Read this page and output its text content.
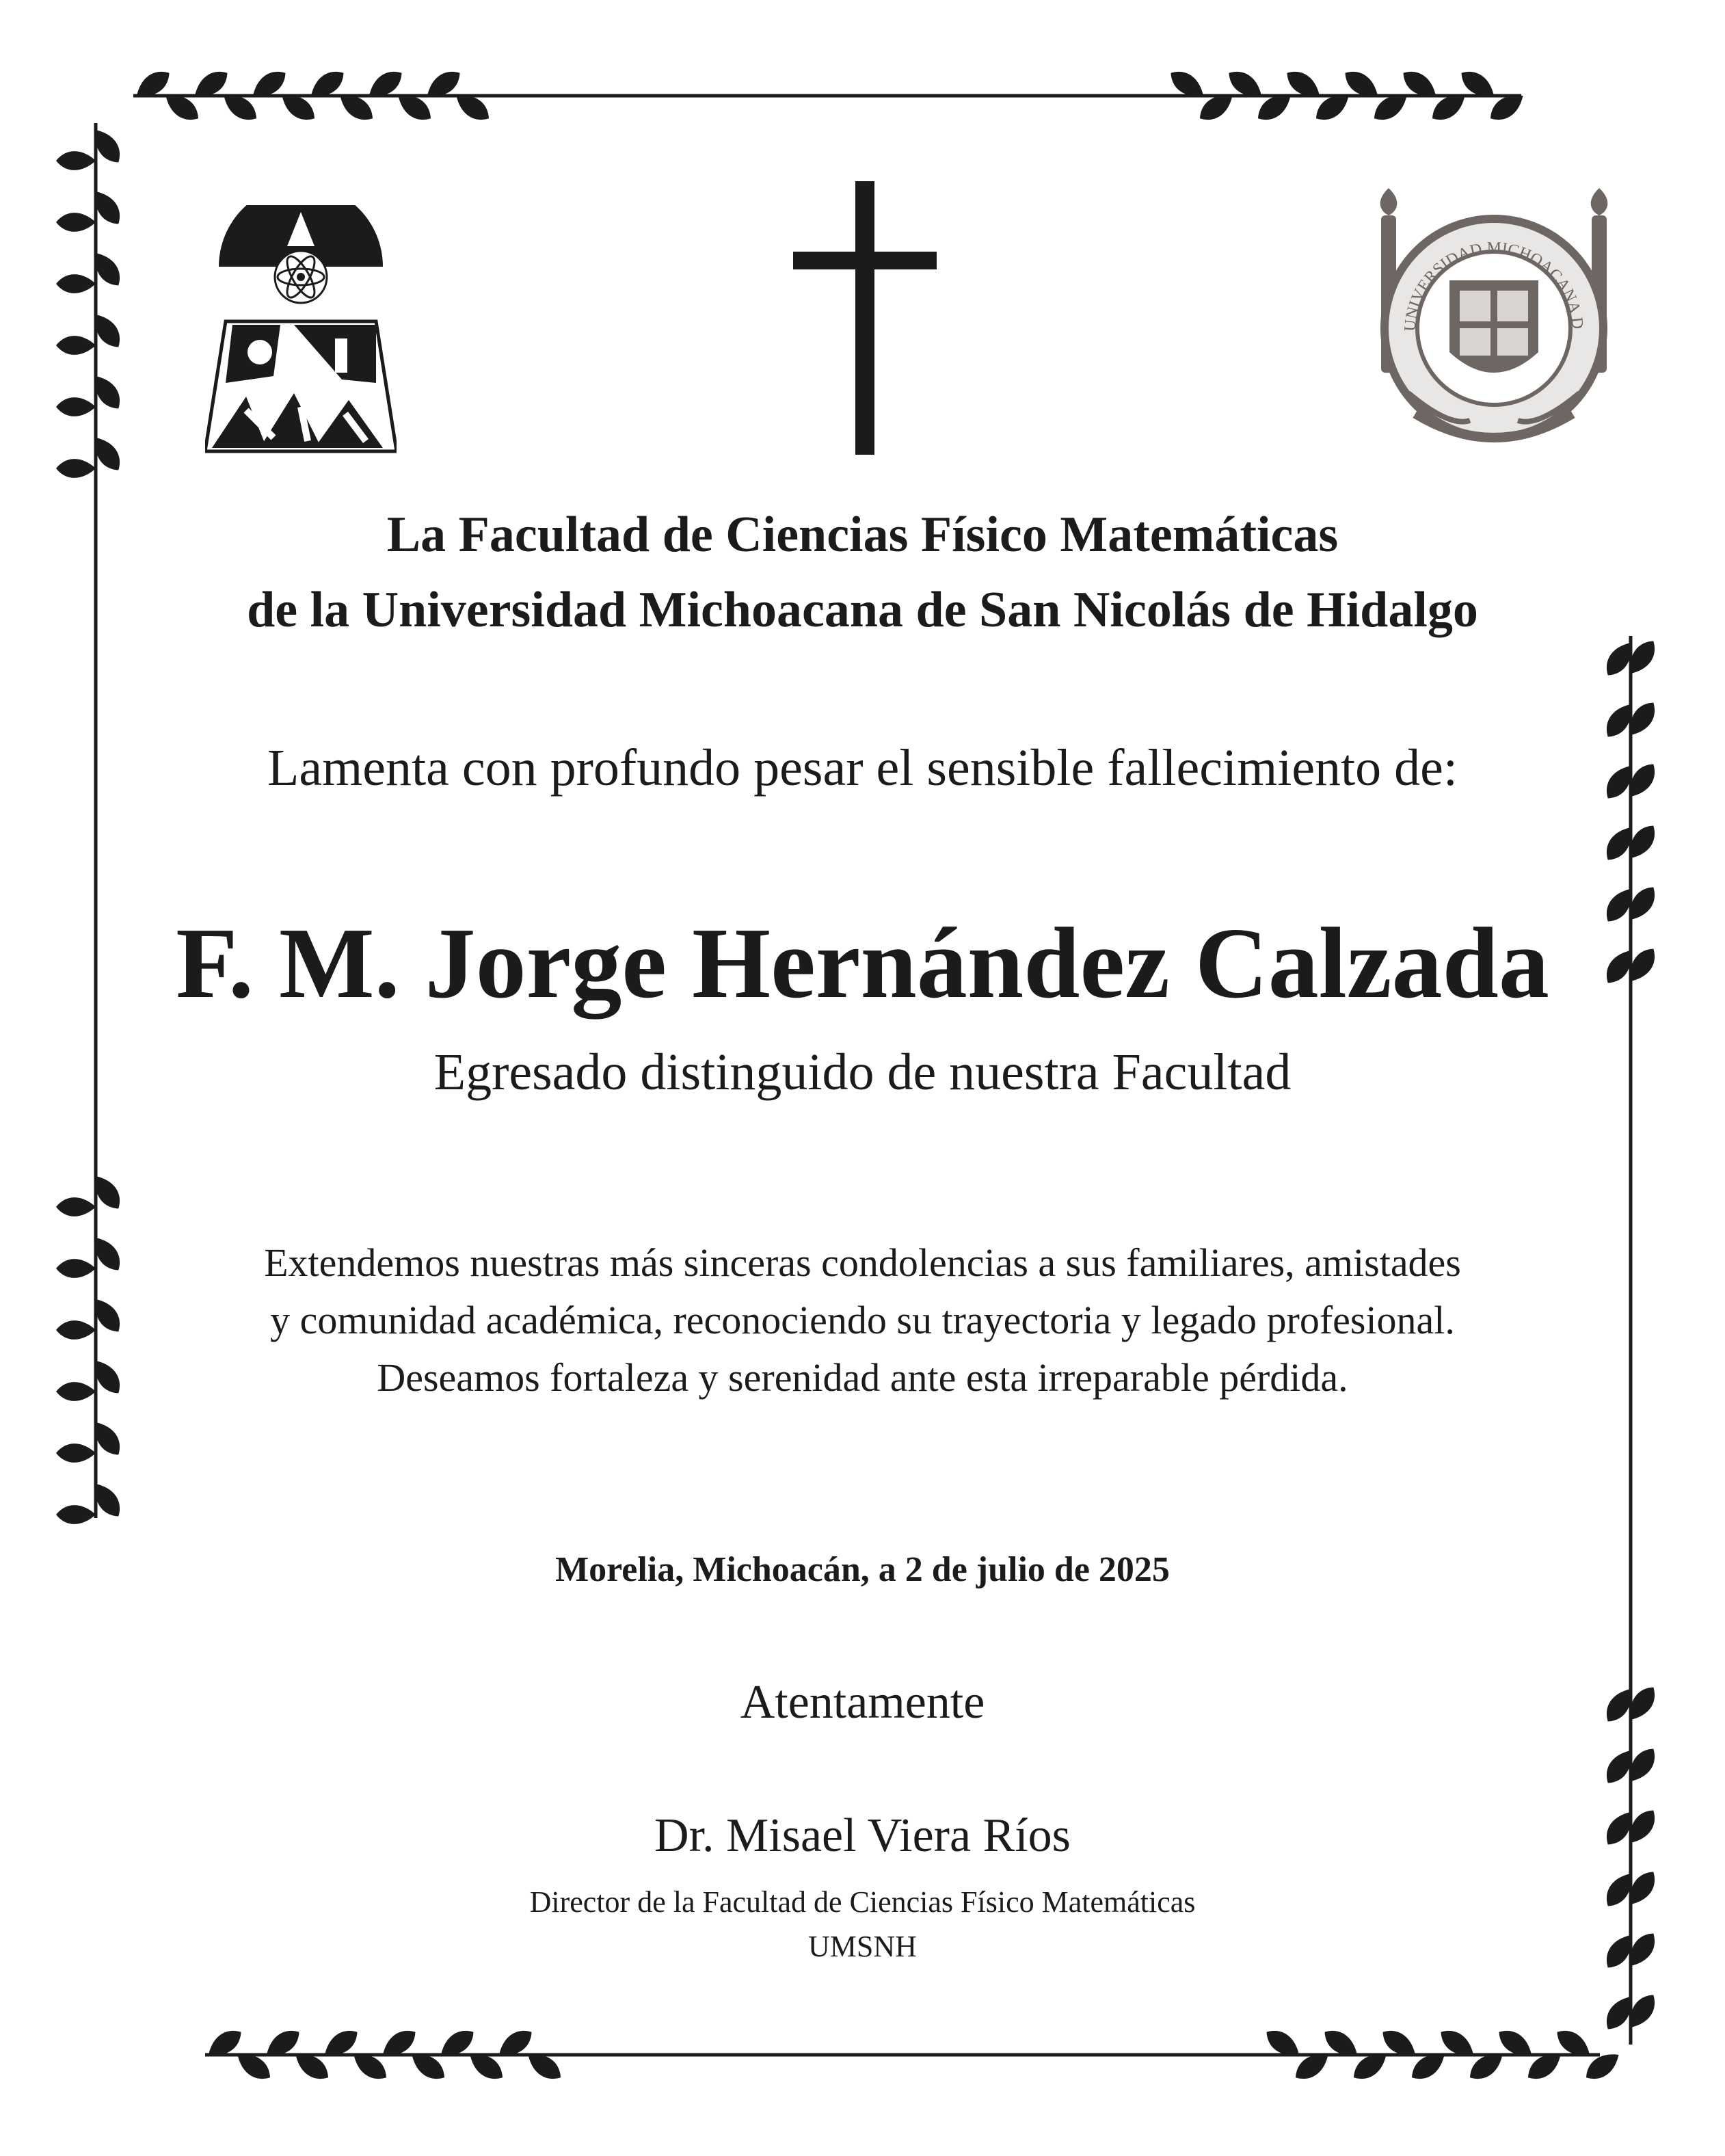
UNIVERSIDAD MICHOACANA D
La Facultad de Ciencias Físico Matemáticas
de la Universidad Michoacana de San Nicolás de Hidalgo
Lamenta con profundo pesar el sensible fallecimiento de:
F. M. Jorge Hernández Calzada
Egresado distinguido de nuestra Facultad
Extendemos nuestras más sinceras condolencias a sus familiares, amistades
y comunidad académica, reconociendo su trayectoria y legado profesional.
Deseamos fortaleza y serenidad ante esta irreparable pérdida.
Morelia, Michoacán, a 2 de julio de 2025
Atentamente
Dr. Misael Viera Ríos
Director de la Facultad de Ciencias Físico Matemáticas
UMSNH
